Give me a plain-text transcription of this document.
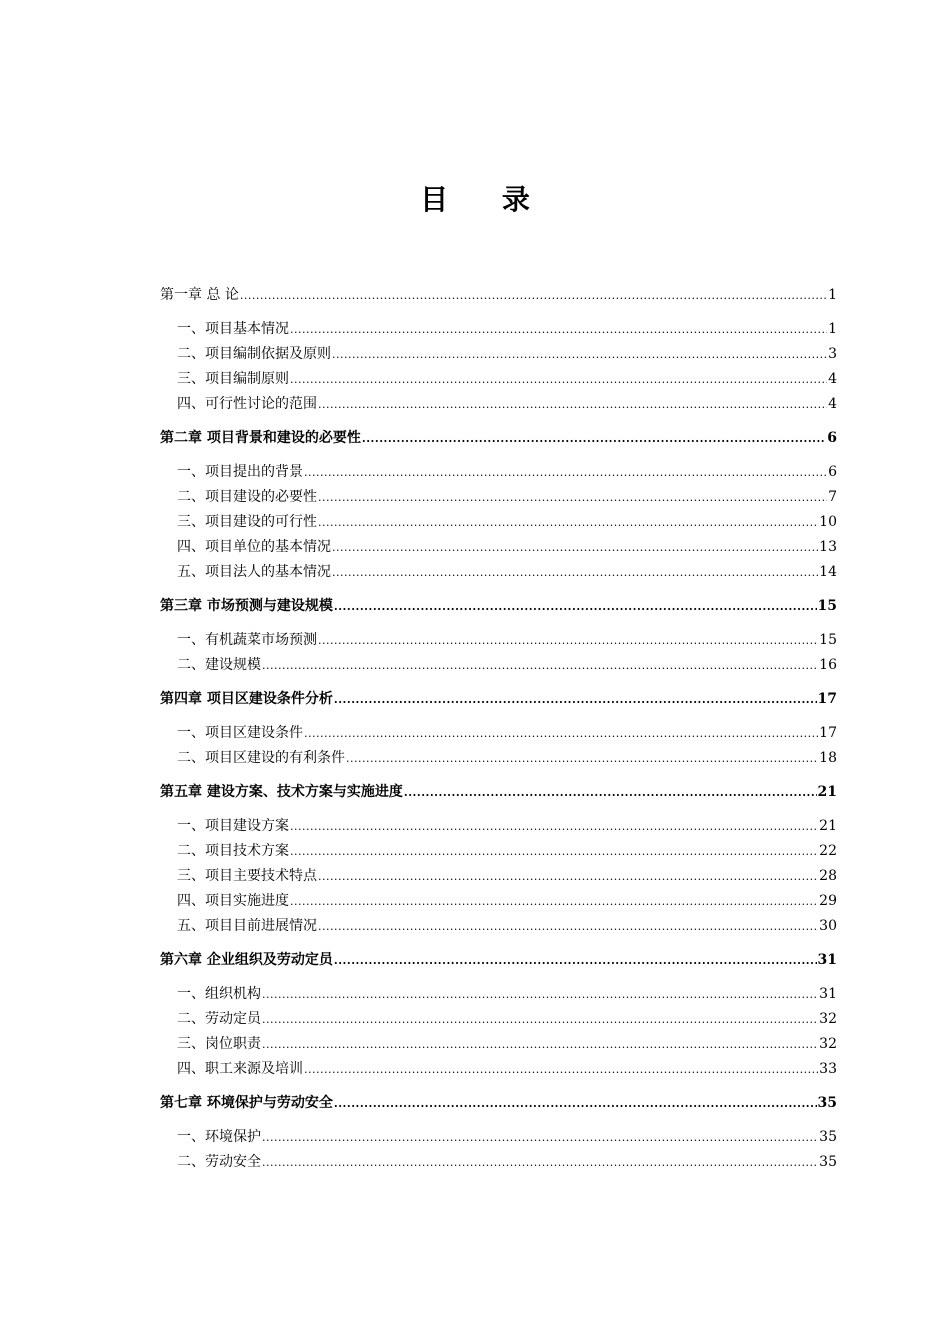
目 录
第一章 总 论 .....	1
一、项目基本情况 .....	1
二、项目编制依据及原则 .....	3
三、项目编制原则 .....	4
四、可行性讨论的范围 .....	4
第二章 项目背景和建设的必要性 .....	6
一、项目提出的背景 .....	6
二、项目建设的必要性 .....	7
三、项目建设的可行性 .....	10
四、项目单位的基本情况 .....	13
五、项目法人的基本情况 .....	14
第三章 市场预测与建设规模 .....	15
一、有机蔬菜市场预测 .....	15
二、建设规模 .....	16
第四章 项目区建设条件分析 .....	17
一、项目区建设条件 .....	17
二、项目区建设的有利条件 .....	18
第五章 建设方案、技术方案与实施进度 .....	21
一、项目建设方案 .....	21
二、项目技术方案 .....	22
三、项目主要技术特点 .....	28
四、项目实施进度 .....	29
五、项目目前进展情况 .....	30
第六章 企业组织及劳动定员 .....	31
一、组织机构 .....	31
二、劳动定员 .....	32
三、岗位职责 .....	32
四、职工来源及培训 .....	33
第七章 环境保护与劳动安全 .....	35
一、环境保护 .....	35
二、劳动安全 .....	35
